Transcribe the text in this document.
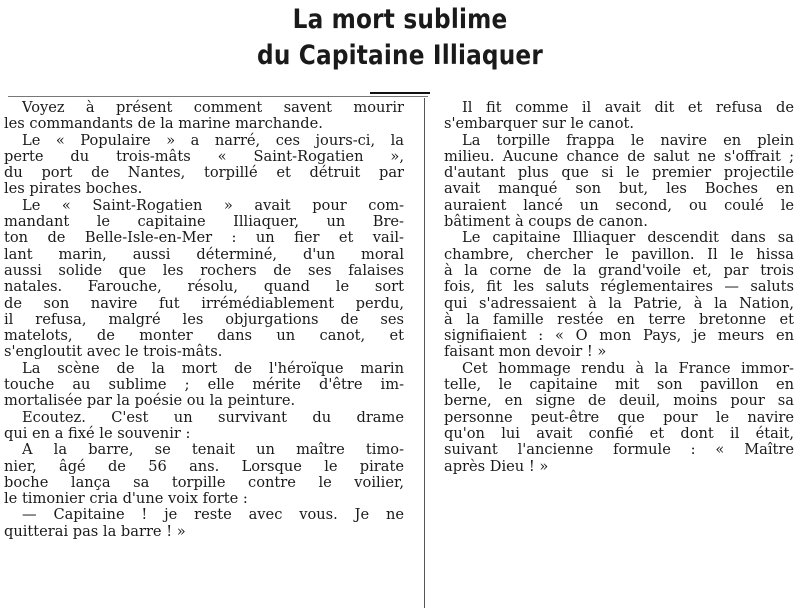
La mort sublime
du Capitaine Illiaquer

Voyez à présent comment savent mourir
les commandants de la marine marchande.

Le « Populaire » a narré, ces jours-ci, la
perte du trois-mâts « Saint-Rogatien »,
du port de Nantes, torpillé et détruit par
les pirates boches.

Le « Saint-Rogatien » avait pour com-
mandant le capitaine Illiaquer, un Bre-
ton de Belle-Isle-en-Mer : un fier et vail-
lant marin, aussi déterminé, d'un moral
aussi solide que les rochers de ses falaises
natales. Farouche, résolu, quand le sort
de son navire fut irrémédiablement perdu,
il refusa, malgré les objurgations de ses
matelots, de monter dans un canot, et
s'engloutit avec le trois-mâts.

La scène de la mort de l'héroïque marin
touche au sublime ; elle mérite d'être im-
mortalisée par la poésie ou la peinture.

Ecoutez. C'est un survivant du drame
qui en a fixé le souvenir :

A la barre, se tenait un maître timo-
nier, âgé de 56 ans. Lorsque le pirate
boche lança sa torpille contre le voilier,
le timonier cria d'une voix forte :

— Capitaine ! je reste avec vous. Je ne
quitterai pas la barre ! »

Il fit comme il avait dit et refusa de
s'embarquer sur le canot.

La torpille frappa le navire en plein
milieu. Aucune chance de salut ne s'offrait ;
d'autant plus que si le premier projectile
avait manqué son but, les Boches en
auraient lancé un second, ou coulé le
bâtiment à coups de canon.

Le capitaine Illiaquer descendit dans sa
chambre, chercher le pavillon. Il le hissa
à la corne de la grand'voile et, par trois
fois, fit les saluts réglementaires — saluts
qui s'adressaient à la Patrie, à la Nation,
à la famille restée en terre bretonne et
signifiaient : « O mon Pays, je meurs en
faisant mon devoir ! »

Cet hommage rendu à la France immor-
telle, le capitaine mit son pavillon en
berne, en signe de deuil, moins pour sa
personne peut-être que pour le navire
qu'on lui avait confié et dont il était,
suivant l'ancienne formule : « Maître
après Dieu ! »
